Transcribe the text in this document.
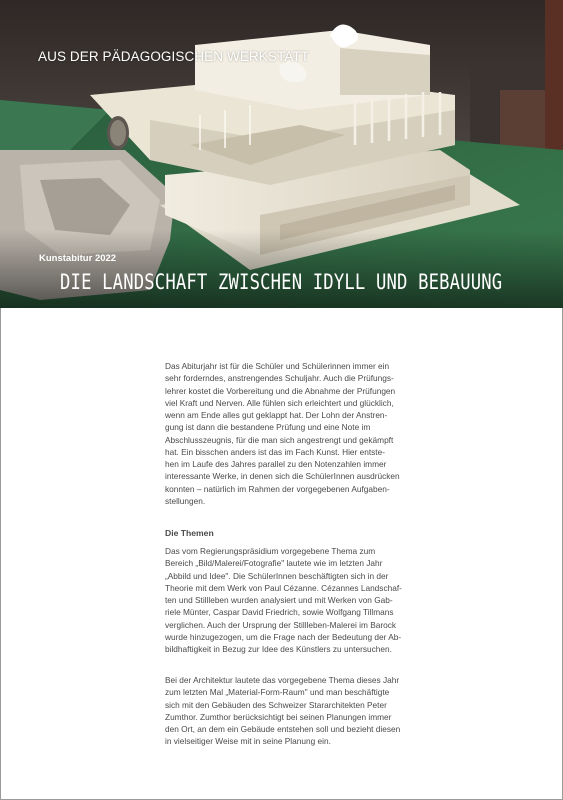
AUS DER PÄDAGOGISCHEN WERKSTATT
Kunstabitur 2022
DIE LANDSCHAFT ZWISCHEN IDYLL UND BEBAUUNG
Das Abiturjahr ist für die Schüler und Schülerinnen immer ein
sehr forderndes, anstrengendes Schuljahr. Auch die Prüfungs-
lehrer kostet die Vorbereitung und die Abnahme der Prüfungen
viel Kraft und Nerven. Alle fühlen sich erleichtert und glücklich,
wenn am Ende alles gut geklappt hat. Der Lohn der Anstren-
gung ist dann die bestandene Prüfung und eine Note im
Abschlusszeugnis, für die man sich angestrengt und gekämpft
hat. Ein bisschen anders ist das im Fach Kunst. Hier entste-
hen im Laufe des Jahres parallel zu den Notenzahlen immer
interessante Werke, in denen sich die SchülerInnen ausdrücken
konnten – natürlich im Rahmen der vorgegebenen Aufgaben-
stellungen.
Die Themen
Das vom Regierungspräsidium vorgegebene Thema zum
Bereich „Bild/Malerei/Fotografie" lautete wie im letzten Jahr
„Abbild und Idee". Die SchülerInnen beschäftigten sich in der
Theorie mit dem Werk von Paul Cézanne. Cézannes Landschaf-
ten und Stillleben wurden analysiert und mit Werken von Gab-
riele Münter, Caspar David Friedrich, sowie Wolfgang Tillmans
verglichen. Auch der Ursprung der Stillleben-Malerei im Barock
wurde hinzugezogen, um die Frage nach der Bedeutung der Ab-
bildhaftigkeit in Bezug zur Idee des Künstlers zu untersuchen.
Bei der Architektur lautete das vorgegebene Thema dieses Jahr
zum letzten Mal „Material-Form-Raum" und man beschäftigte
sich mit den Gebäuden des Schweizer Stararchitekten Peter
Zumthor. Zumthor berücksichtigt bei seinen Planungen immer
den Ort, an dem ein Gebäude entstehen soll und bezieht diesen
in vielseitiger Weise mit in seine Planung ein.
